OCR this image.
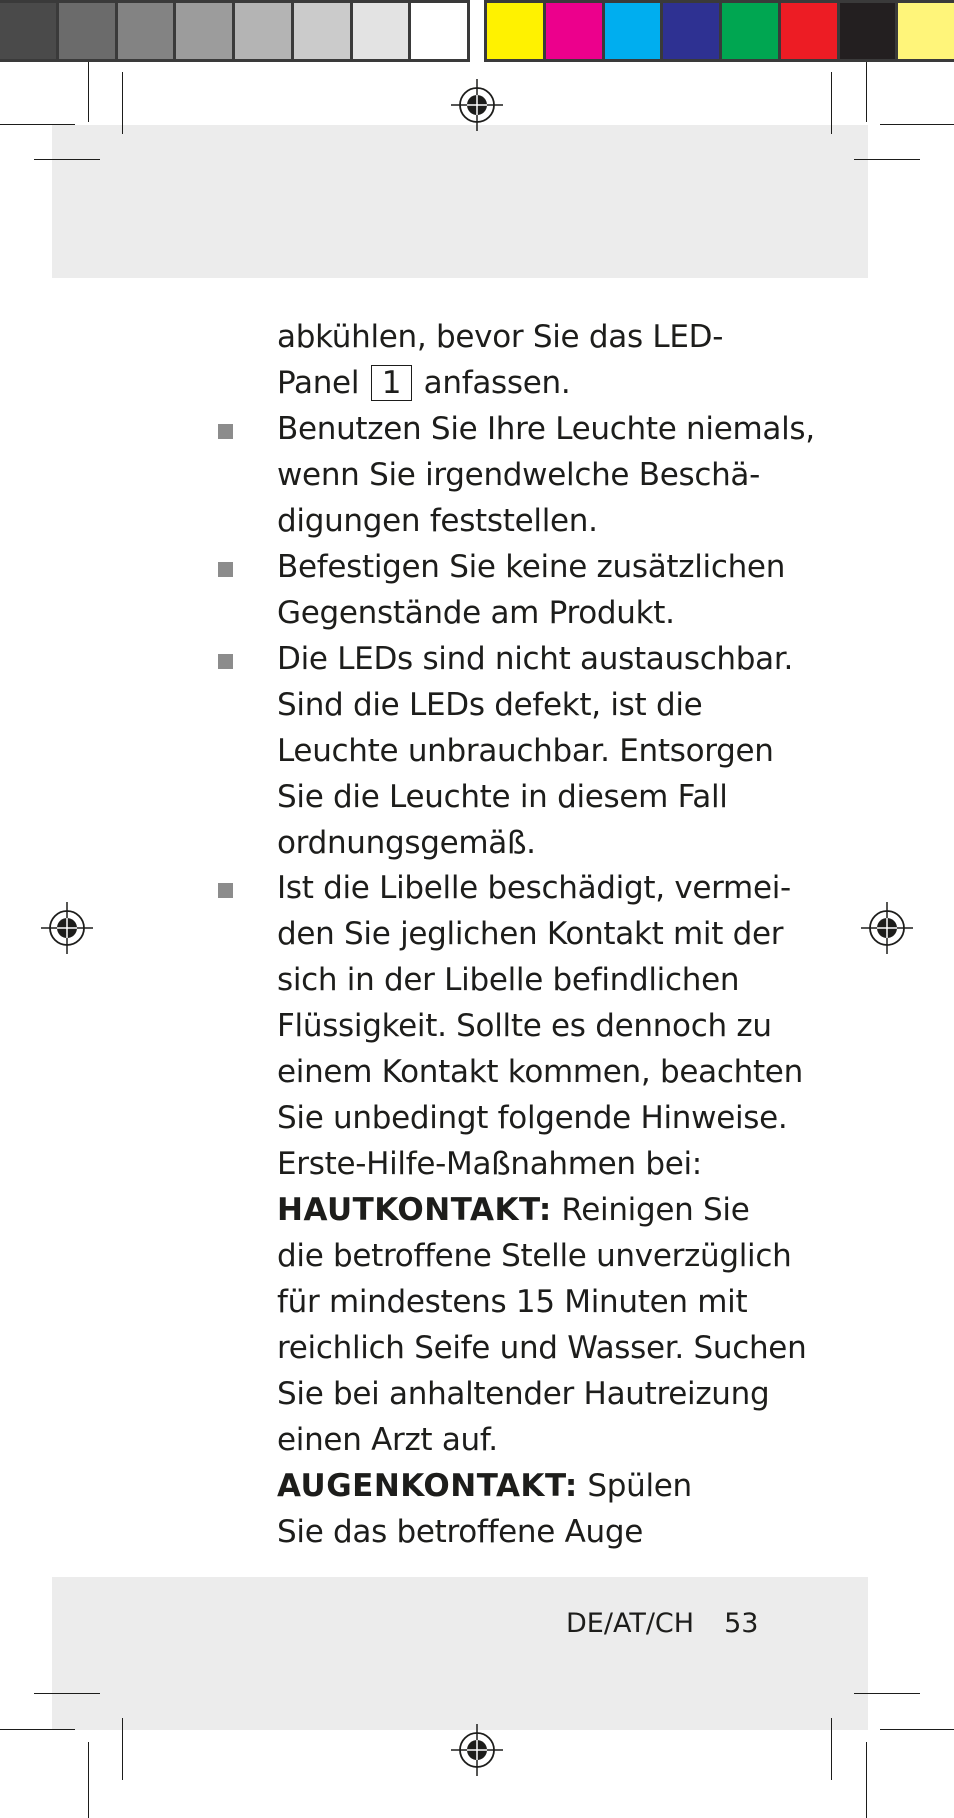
abkühlen, bevor Sie das LED-
Panel 1 anfassen.
Benutzen Sie Ihre Leuchte niemals,
wenn Sie irgendwelche Beschä-
digungen feststellen.
Befestigen Sie keine zusätzlichen
Gegenstände am Produkt.
Die LEDs sind nicht austauschbar.
Sind die LEDs defekt, ist die
Leuchte unbrauchbar. Entsorgen
Sie die Leuchte in diesem Fall
ordnungsgemäß.
Ist die Libelle beschädigt, vermei-
den Sie jeglichen Kontakt mit der
sich in der Libelle befindlichen
Flüssigkeit. Sollte es dennoch zu
einem Kontakt kommen, beachten
Sie unbedingt folgende Hinweise.
Erste-Hilfe-Maßnahmen bei:
HAUTKONTAKT: Reinigen Sie
die betroffene Stelle unverzüglich
für mindestens 15 Minuten mit
reichlich Seife und Wasser. Suchen
Sie bei anhaltender Hautreizung
einen Arzt auf.
AUGENKONTAKT: Spülen
Sie das betroffene Auge
DE/AT/CH 53
